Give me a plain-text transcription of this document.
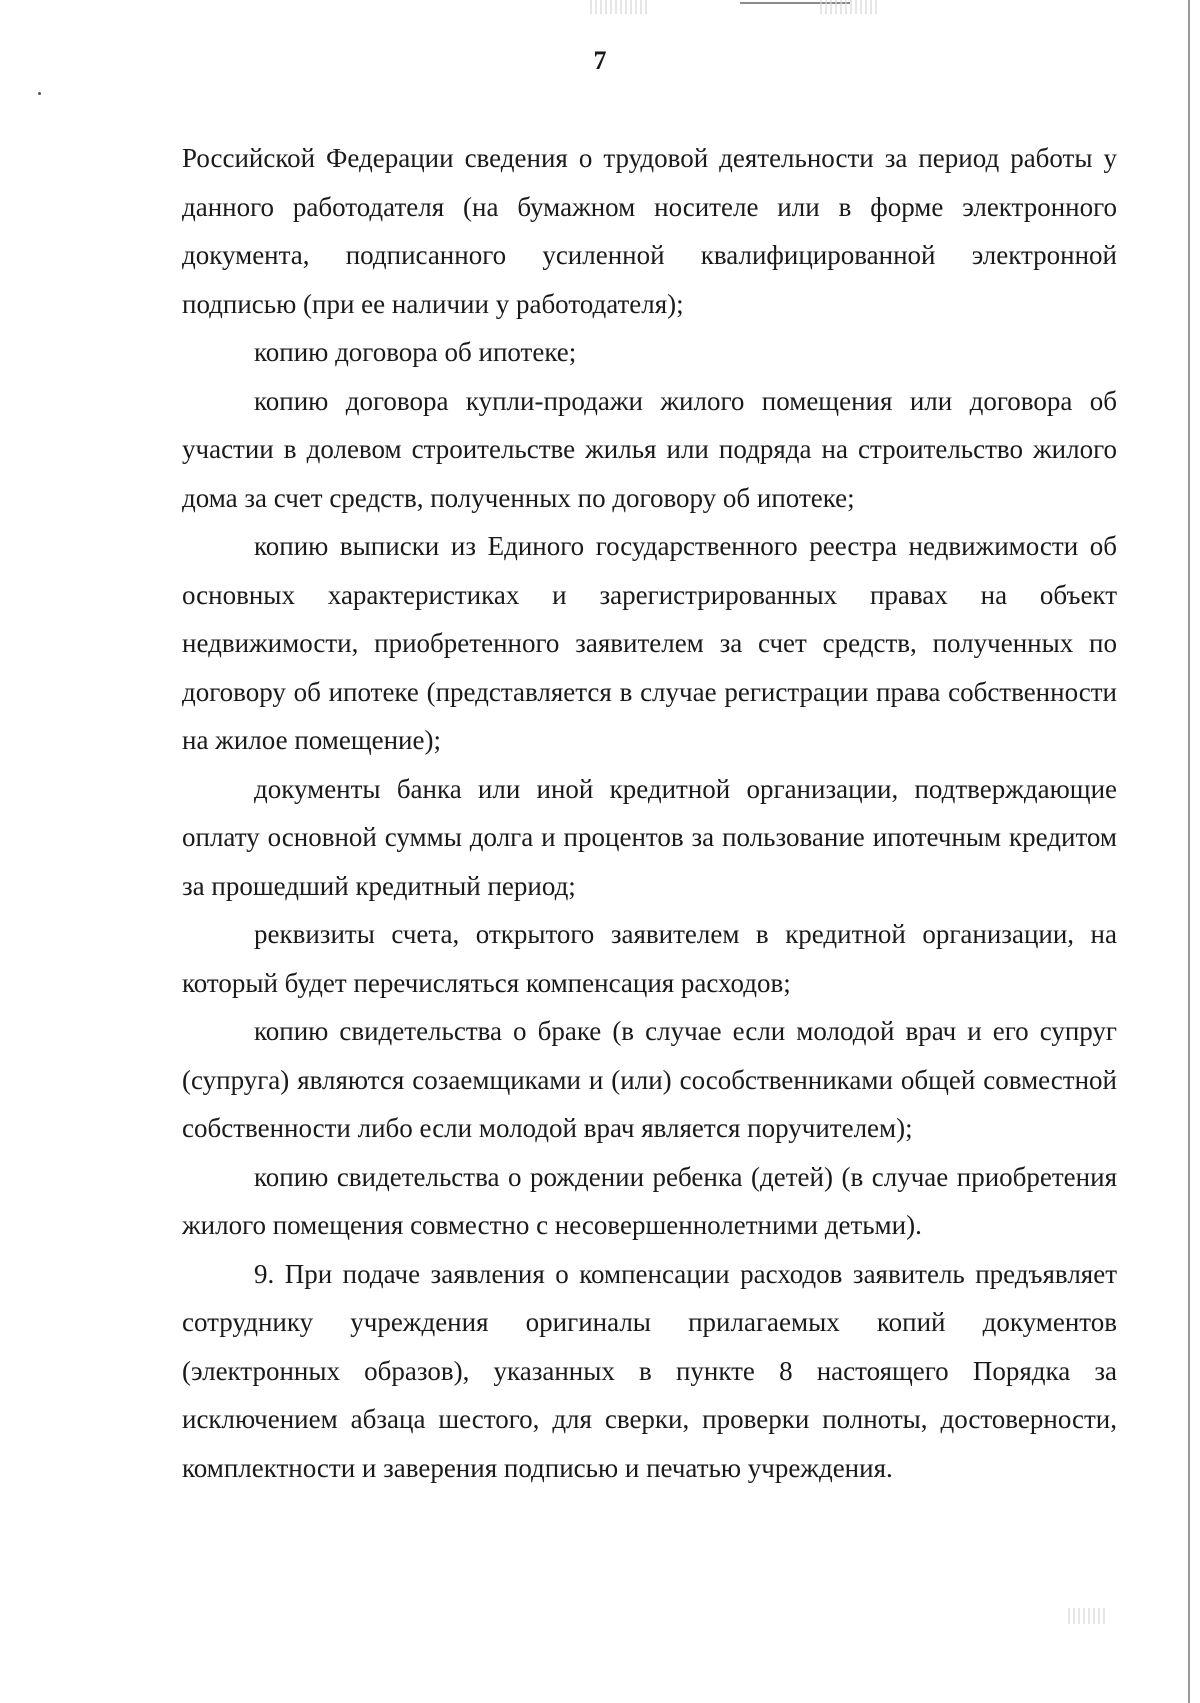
7

Российской Федерации сведения о трудовой деятельности за период работы у данного работодателя (на бумажном носителе или в форме электронного документа, подписанного усиленной квалифицированной электронной подписью (при ее наличии у работодателя);

копию договора об ипотеке;

копию договора купли-продажи жилого помещения или договора об участии в долевом строительстве жилья или подряда на строительство жилого дома за счет средств, полученных по договору об ипотеке;

копию выписки из Единого государственного реестра недвижимости об основных характеристиках и зарегистрированных правах на объект недвижимости, приобретенного заявителем за счет средств, полученных по договору об ипотеке (представляется в случае регистрации права собственности на жилое помещение);

документы банка или иной кредитной организации, подтверждающие оплату основной суммы долга и процентов за пользование ипотечным кредитом за прошедший кредитный период;

реквизиты счета, открытого заявителем в кредитной организации, на который будет перечисляться компенсация расходов;

копию свидетельства о браке (в случае если молодой врач и его супруг (супруга) являются созаемщиками и (или) сособственниками общей совместной собственности либо если молодой врач является поручителем);

копию свидетельства о рождении ребенка (детей) (в случае приобретения жилого помещения совместно с несовершеннолетними детьми).

9. При подаче заявления о компенсации расходов заявитель предъявляет сотруднику учреждения оригиналы прилагаемых копий документов (электронных образов), указанных в пункте 8 настоящего Порядка за исключением абзаца шестого, для сверки, проверки полноты, достоверности, комплектности и заверения подписью и печатью учреждения.
